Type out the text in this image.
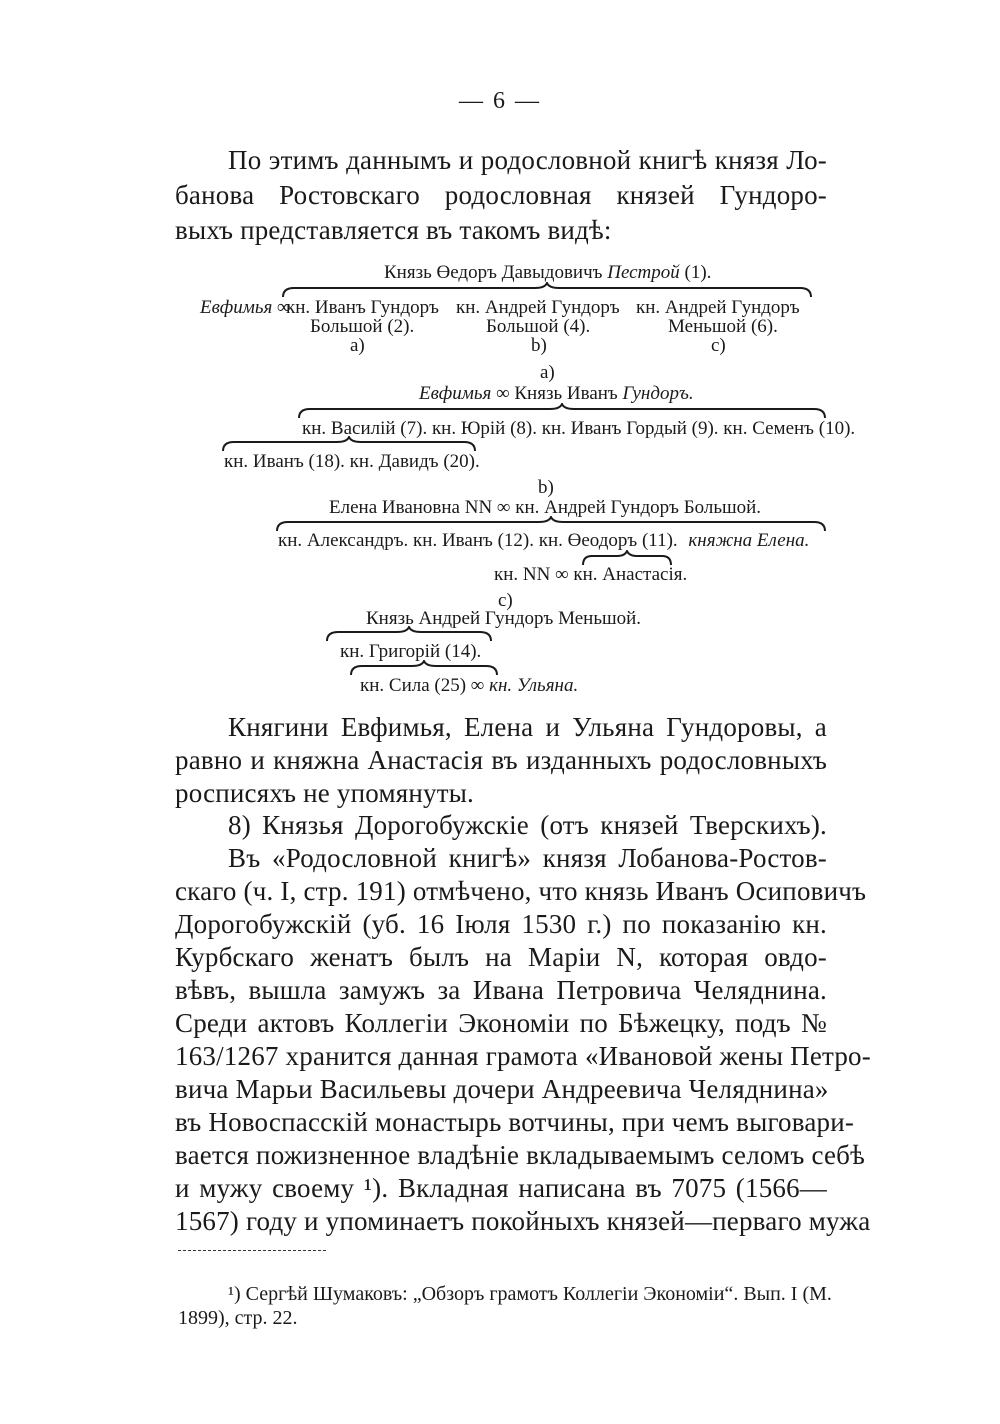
— 6 —
По этимъ даннымъ и родословной книгѣ князя Ло-
банова Ростовскаго родословная князей Гундоро-
выхъ представляется въ такомъ видѣ:
Князь Өедоръ Давыдовичъ Пестрой (1).
Евфимья ∞
кн. Иванъ Гундоръ
Большой (2).
a)
кн. Андрей Гундоръ
Большой (4).
b)
кн. Андрей Гундоръ
Меньшой (6).
c)
a)
Евфимья ∞ Князь Иванъ Гундоръ.
кн. Василій (7). кн. Юрій (8). кн. Иванъ Гордый (9). кн. Семенъ (10).
кн. Иванъ (18). кн. Давидъ (20).
b)
Елена Ивановна NN ∞ кн. Андрей Гундоръ Большой.
кн. Александръ. кн. Иванъ (12). кн. Өеодоръ (11). княжна Елена.
кн. NN ∞ кн. Анастасія.
c)
Князь Андрей Гундоръ Меньшой.
кн. Григорій (14).
кн. Сила (25) ∞ кн. Ульяна.
Княгини Евфимья, Елена и Ульяна Гундоровы, а
равно и княжна Анастасія въ изданныхъ родословныхъ
росписяхъ не упомянуты.
8) Князья Дорогобужскіе (отъ князей Тверскихъ).
Въ «Родословной книгѣ» князя Лобанова-Ростов-
скаго (ч. I, стр. 191) отмѣчено, что князь Иванъ Осиповичъ
Дорогобужскій (уб. 16 Іюля 1530 г.) по показанію кн.
Курбскаго женатъ былъ на Маріи N, которая овдо-
вѣвъ, вышла замужъ за Ивана Петровича Челяднина.
Среди актовъ Коллегіи Экономіи по Бѣжецку, подъ №
163/1267 хранится данная грамота «Ивановой жены Петро-
вича Марьи Васильевы дочери Андреевича Челяднина»
въ Новоспасскій монастырь вотчины, при чемъ выговари-
вается пожизненное владѣніе вкладываемымъ селомъ себѣ
и мужу своему ¹). Вкладная написана въ 7075 (1566—
1567) году и упоминаетъ покойныхъ князей—перваго мужа
¹) Сергѣй Шумаковъ: „Обзоръ грамотъ Коллегіи Экономіи“. Вып. I (М.
1899), стр. 22.
